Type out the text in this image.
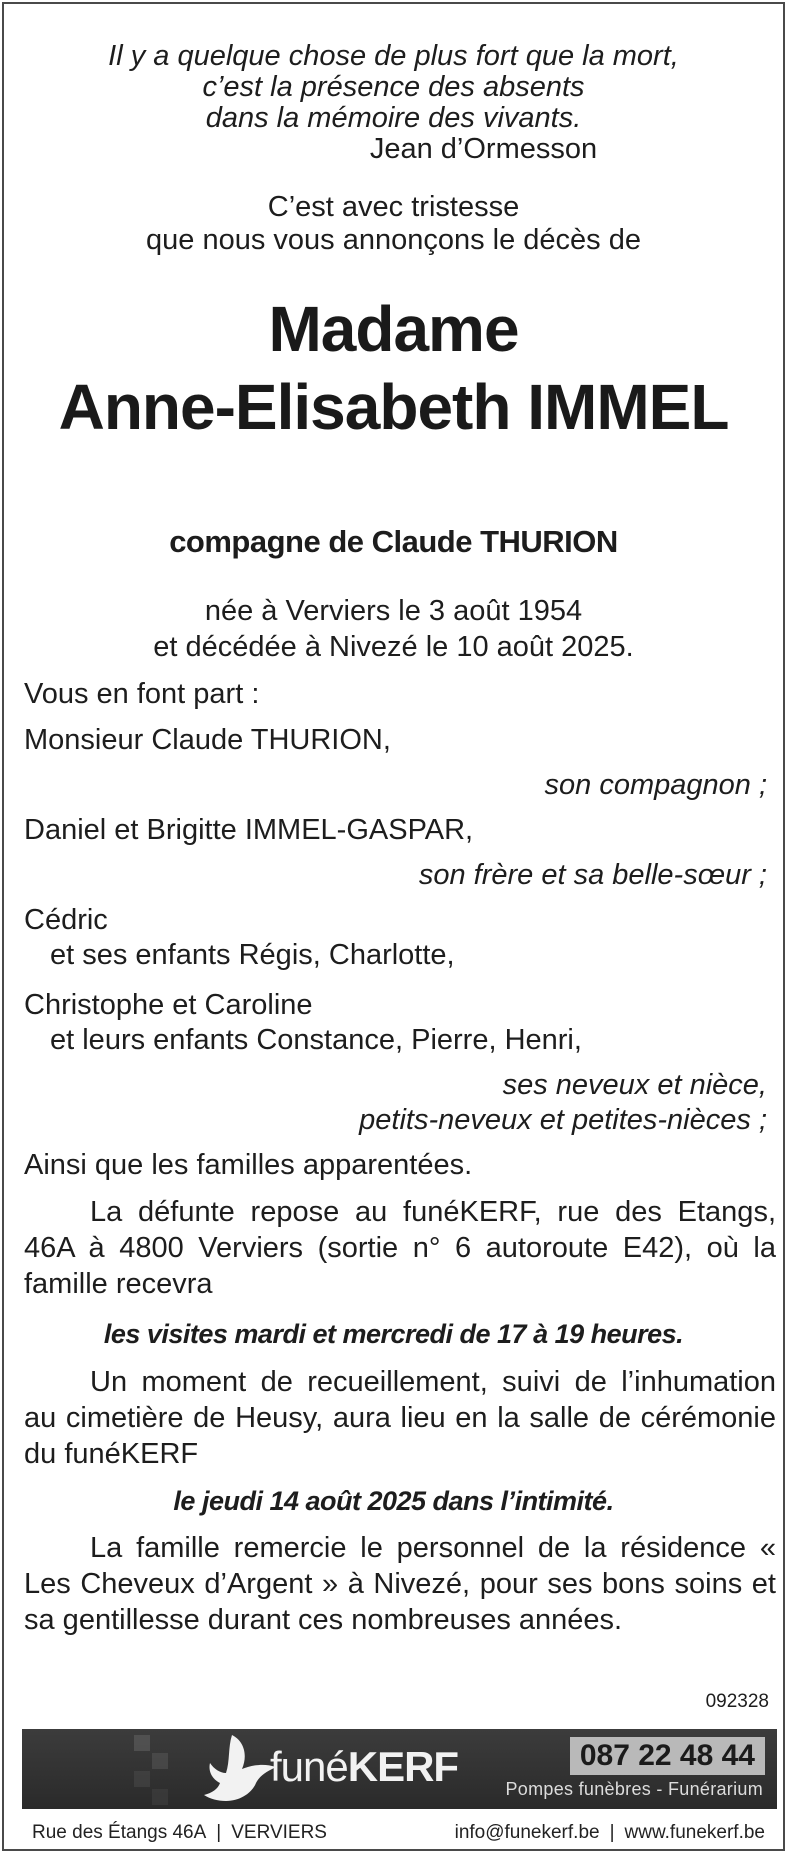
Il y a quelque chose de plus fort que la mort,
c’est la présence des absents
dans la mémoire des vivants.
Jean d’Ormesson
C’est avec tristesse
que nous vous annonçons le décès de
Madame
Anne-Elisabeth IMMEL
compagne de Claude THURION
née à Verviers le 3 août 1954
et décédée à Nivezé le 10 août 2025.
Vous en font part :
Monsieur Claude THURION,
son compagnon ;
Daniel et Brigitte IMMEL-GASPAR,
son frère et sa belle-sœur ;
Cédric
et ses enfants Régis, Charlotte,
Christophe et Caroline
et leurs enfants Constance, Pierre, Henri,
ses neveux et nièce,
petits-neveux et petites-nièces ;
Ainsi que les familles apparentées.
La défunte repose au funéKERF, rue des Etangs, 46A à 4800 Verviers (sortie n° 6 autoroute E42), où la famille recevra
les visites mardi et mercredi de 17 à 19 heures.
Un moment de recueillement, suivi de l’inhumation au cimetière de Heusy, aura lieu en la salle de cérémonie du funéKERF
le jeudi 14 août 2025 dans l’intimité.
La famille remercie le personnel de la résidence « Les Cheveux d’Argent » à Nivezé, pour ses bons soins et sa gentillesse durant ces nombreuses années.
092328
funéKERF	087 22 48 44
Pompes funèbres - Funérarium
Rue des Étangs 46A | VERVIERS	info@funekerf.be | www.funekerf.be
